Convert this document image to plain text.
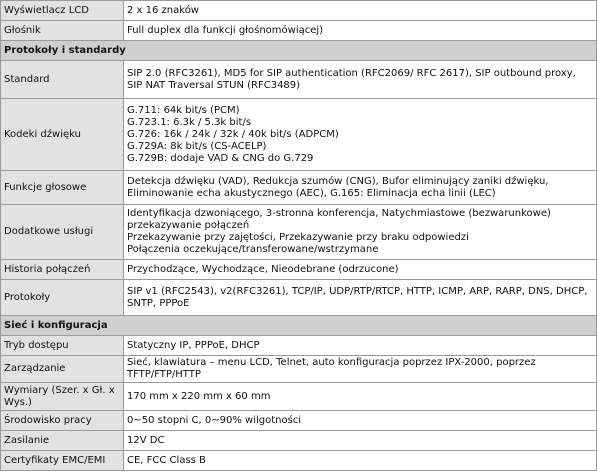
Wyświetlacz LCD	2 x 16 znaków
Głośnik	Full duplex dla funkcji głośnomówiącej)
Protokoły i standardy	
Standard	SIP 2.0 (RFC3261), MD5 for SIP authentication (RFC2069/ RFC 2617), SIP outbound proxy,
SIP NAT Traversal STUN (RFC3489)
Kodeki dźwięku	G.711: 64k bit/s (PCM)
G.723.1: 6.3k / 5.3k bit/s
G.726: 16k / 24k / 32k / 40k bit/s (ADPCM)
G.729A: 8k bit/s (CS-ACELP)
G.729B: dodaje VAD & CNG do G.729
Funkcje głosowe	Detekcja dźwięku (VAD), Redukcja szumów (CNG), Bufor eliminujący zaniki dźwięku, Eliminowanie echa akustycznego (AEC), G.165: Eliminacja echa linii (LEC)
Dodatkowe usługi	Identyfikacja dzwoniącego, 3-stronna konferencja, Natychmiastowe (bezwarunkowe) przekazywanie połączeń
Przekazywanie przy zajętości, Przekazywanie przy braku odpowiedzi
Połączenia oczekujące/transferowane/wstrzymane
Historia połączeń	Przychodzące, Wychodzące, Nieodebrane (odrzucone)
Protokoły	SIP v1 (RFC2543), v2(RFC3261), TCP/IP, UDP/RTP/RTCP, HTTP, ICMP, ARP, RARP, DNS, DHCP, SNTP, PPPoE
Sieć i konfiguracja	
Tryb dostępu	Statyczny IP, PPPoE, DHCP
Zarządzanie	Sieć, klawiatura – menu LCD, Telnet, auto konfiguracja poprzez IPX-2000, poprzez TFTP/FTP/HTTP
Wymiary (Szer. x Gł. x Wys.)	170 mm x 220 mm x 60 mm
Środowisko pracy	0~50 stopni C, 0~90% wilgotności
Zasilanie	12V DC
Certyfikaty EMC/EMI	CE, FCC Class B
